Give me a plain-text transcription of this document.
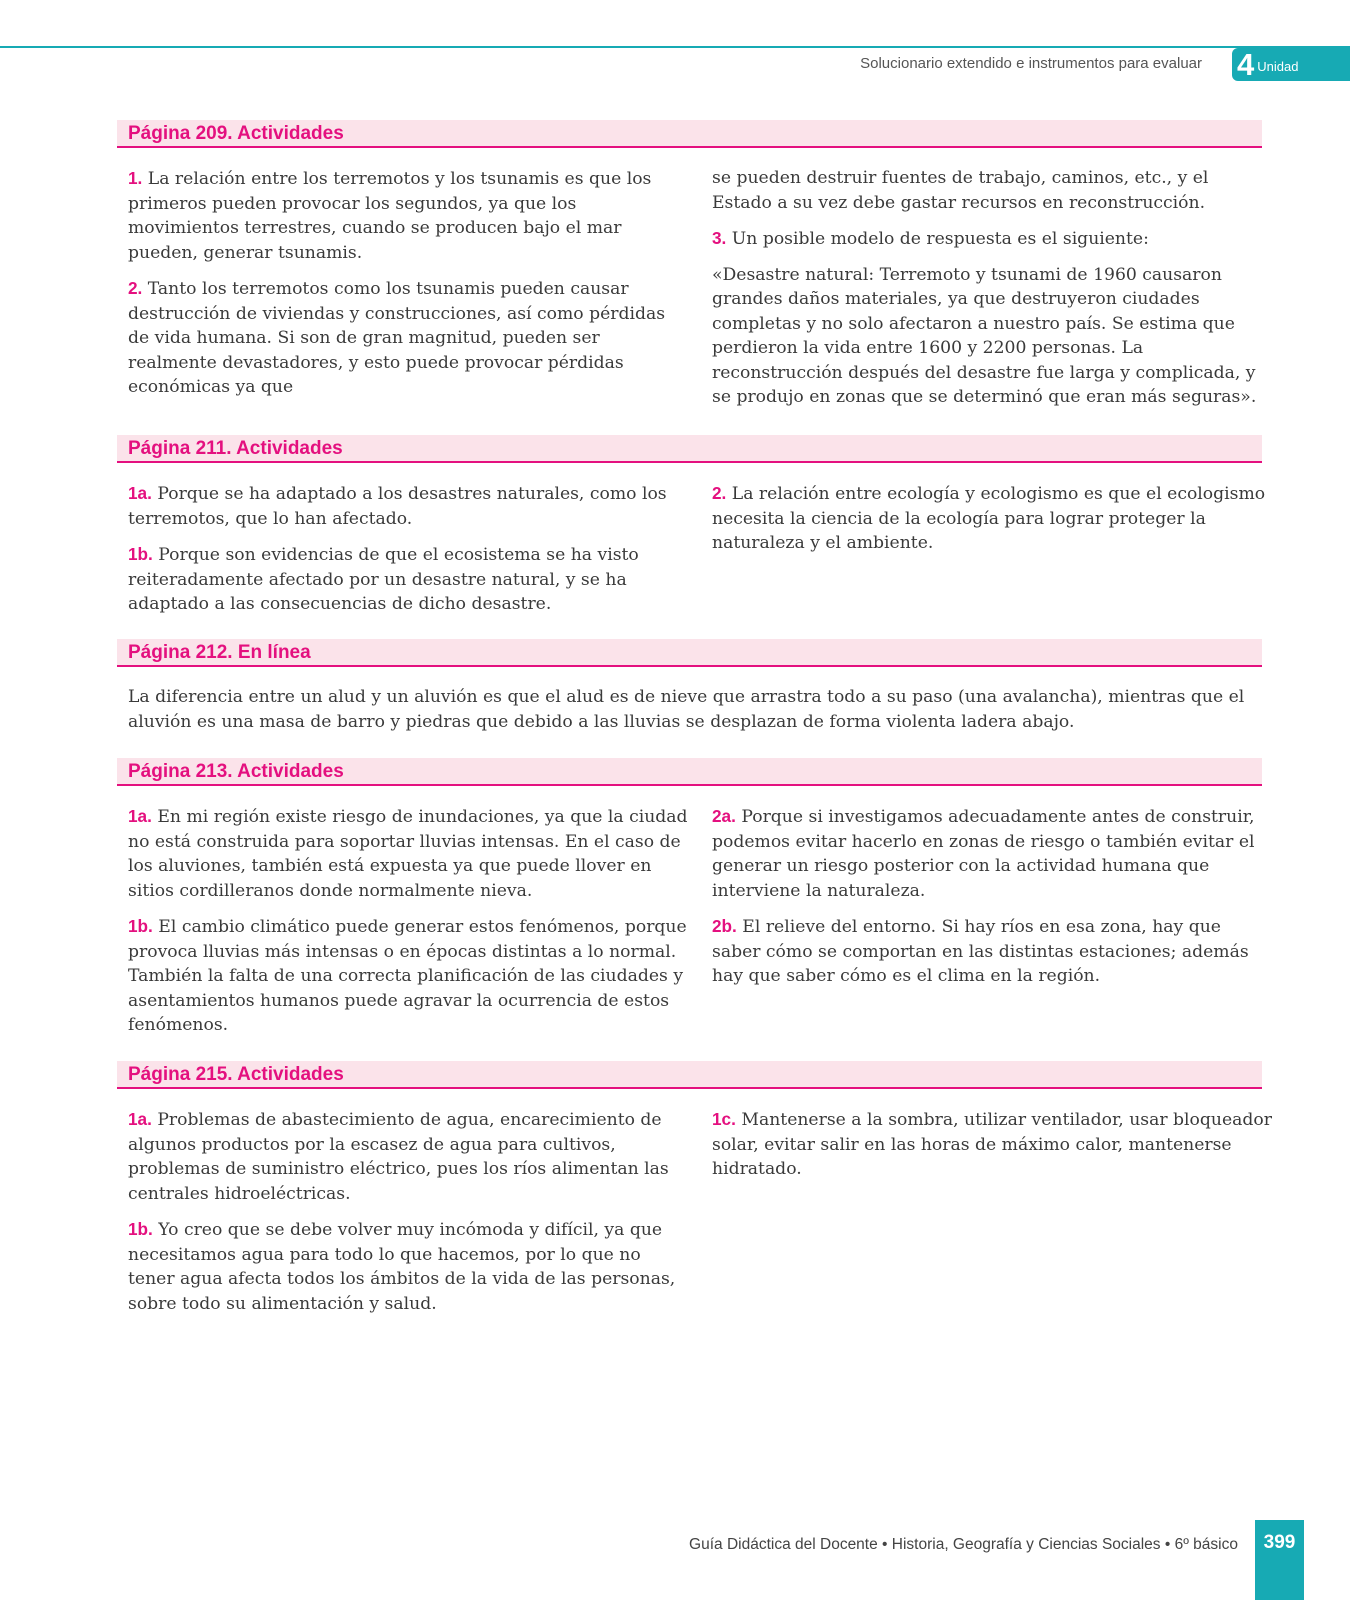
Solucionario extendido e instrumentos para evaluar 4 Unidad
Página 209. Actividades

1. La relación entre los terremotos y los tsunamis es que los primeros pueden provocar los segundos, ya que los movimientos terrestres, cuando se producen bajo el mar pueden, generar tsunamis.

2. Tanto los terremotos como los tsunamis pueden causar destrucción de viviendas y construcciones, así como pérdidas de vida humana. Si son de gran magnitud, pueden ser realmente devastadores, y esto puede provocar pérdidas económicas ya que

se pueden destruir fuentes de trabajo, caminos, etc., y el Estado a su vez debe gastar recursos en reconstrucción.

3. Un posible modelo de respuesta es el siguiente:

«Desastre natural: Terremoto y tsunami de 1960 causaron grandes daños materiales, ya que destruyeron ciudades completas y no solo afectaron a nuestro país. Se estima que perdieron la vida entre 1600 y 2200 personas. La reconstrucción después del desastre fue larga y complicada, y se produjo en zonas que se determinó que eran más seguras».

Página 211. Actividades

1a. Porque se ha adaptado a los desastres naturales, como los terremotos, que lo han afectado.

1b. Porque son evidencias de que el ecosistema se ha visto reiteradamente afectado por un desastre natural, y se ha adaptado a las consecuencias de dicho desastre.

2. La relación entre ecología y ecologismo es que el ecologismo necesita la ciencia de la ecología para lograr proteger la naturaleza y el ambiente.

Página 212. En línea

La diferencia entre un alud y un aluvión es que el alud es de nieve que arrastra todo a su paso (una avalancha), mientras que el aluvión es una masa de barro y piedras que debido a las lluvias se desplazan de forma violenta ladera abajo.

Página 213. Actividades

1a. En mi región existe riesgo de inundaciones, ya que la ciudad no está construida para soportar lluvias intensas. En el caso de los aluviones, también está expuesta ya que puede llover en sitios cordilleranos donde normalmente nieva.

1b. El cambio climático puede generar estos fenómenos, porque provoca lluvias más intensas o en épocas distintas a lo normal. También la falta de una correcta planificación de las ciudades y asentamientos humanos puede agravar la ocurrencia de estos fenómenos.

2a. Porque si investigamos adecuadamente antes de construir, podemos evitar hacerlo en zonas de riesgo o también evitar el generar un riesgo posterior con la actividad humana que interviene la naturaleza.

2b. El relieve del entorno. Si hay ríos en esa zona, hay que saber cómo se comportan en las distintas estaciones; además hay que saber cómo es el clima en la región.

Página 215. Actividades

1a. Problemas de abastecimiento de agua, encarecimiento de algunos productos por la escasez de agua para cultivos, problemas de suministro eléctrico, pues los ríos alimentan las centrales hidroeléctricas.

1b. Yo creo que se debe volver muy incómoda y difícil, ya que necesitamos agua para todo lo que hacemos, por lo que no tener agua afecta todos los ámbitos de la vida de las personas, sobre todo su alimentación y salud.

1c. Mantenerse a la sombra, utilizar ventilador, usar bloqueador solar, evitar salir en las horas de máximo calor, mantenerse hidratado.

Guía Didáctica del Docente • Historia, Geografía y Ciencias Sociales • 6º básico	399
